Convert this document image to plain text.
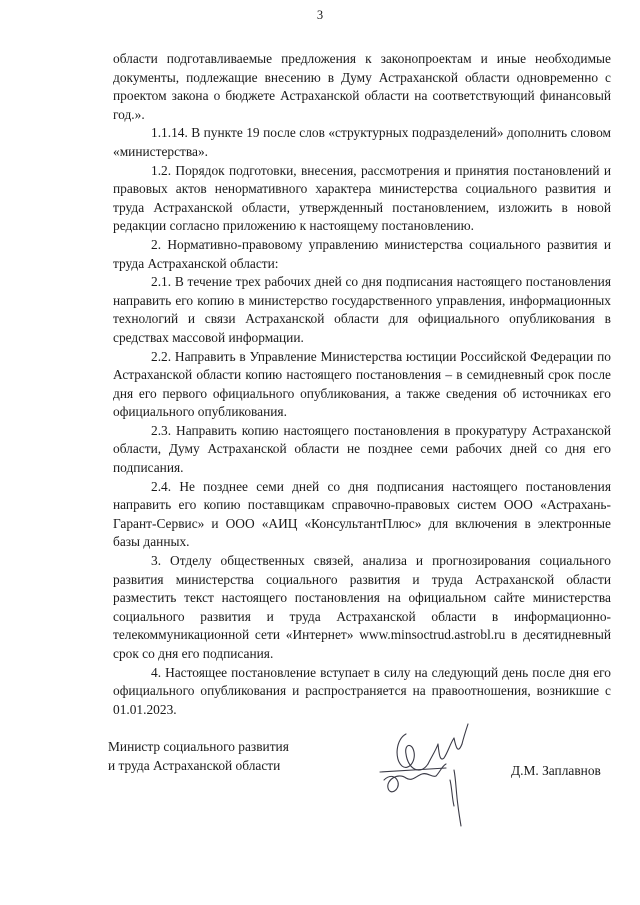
3

области подготавливаемые предложения к законопроектам и иные необходимые документы, подлежащие внесению в Думу Астраханской области одновременно с проектом закона о бюджете Астраханской области на соответствующий финансовый год.».

1.1.14. В пункте 19 после слов «структурных подразделений» дополнить словом «министерства».

1.2. Порядок подготовки, внесения, рассмотрения и принятия постановлений и правовых актов ненормативного характера министерства социального развития и труда Астраханской области, утвержденный постановлением, изложить в новой редакции согласно приложению к настоящему постановлению.

2. Нормативно-правовому управлению министерства социального развития и труда Астраханской области:

2.1. В течение трех рабочих дней со дня подписания настоящего постановления направить его копию в министерство государственного управления, информационных технологий и связи Астраханской области для официального опубликования в средствах массовой информации.

2.2. Направить в Управление Министерства юстиции Российской Федерации по Астраханской области копию настоящего постановления – в семидневный срок после дня его первого официального опубликования, а также сведения об источниках его официального опубликования.

2.3. Направить копию настоящего постановления в прокуратуру Астраханской области, Думу Астраханской области не позднее семи рабочих дней со дня его подписания.

2.4. Не позднее семи дней со дня подписания настоящего постановления направить его копию поставщикам справочно-правовых систем ООО «Астрахань-Гарант-Сервис» и ООО «АИЦ «КонсультантПлюс» для включения в электронные базы данных.

3. Отделу общественных связей, анализа и прогнозирования социального развития министерства социального развития и труда Астраханской области разместить текст настоящего постановления на официальном сайте министерства социального развития и труда Астраханской области в информационно-телекоммуникационной сети «Интернет» www.minsoctrud.astrobl.ru в десятидневный срок со дня его подписания.

4. Настоящее постановление вступает в силу на следующий день после дня его официального опубликования и распространяется на правоотношения, возникшие с 01.01.2023.

Министр социального развития
и труда Астраханской области	Д.М. Заплавнов
